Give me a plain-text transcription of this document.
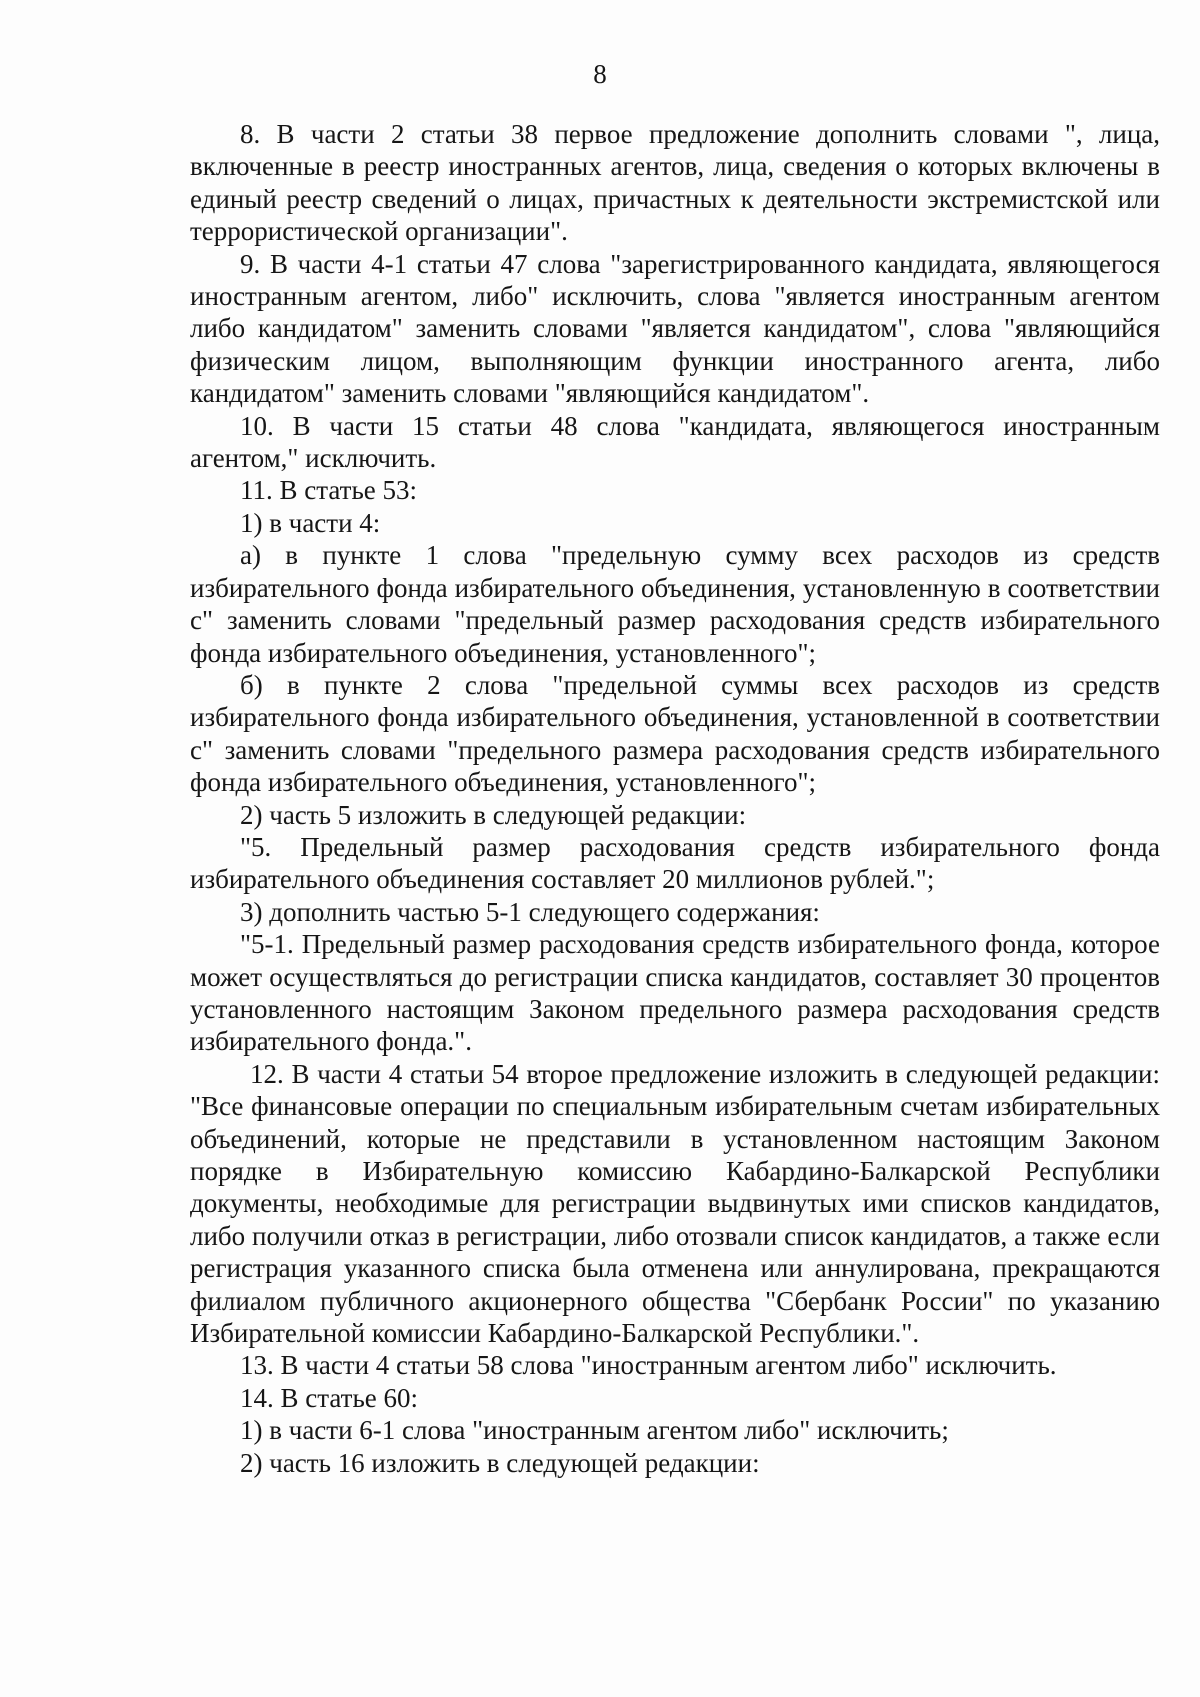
8

8. В части 2 статьи 38 первое предложение дополнить словами ", лица, включенные в реестр иностранных агентов, лица, сведения о которых включены в единый реестр сведений о лицах, причастных к деятельности экстремистской или террористической организации".

9. В части 4-1 статьи 47 слова "зарегистрированного кандидата, являющегося иностранным агентом, либо" исключить, слова "является иностранным агентом либо кандидатом" заменить словами "является кандидатом", слова "являющийся физическим лицом, выполняющим функции иностранного агента, либо кандидатом" заменить словами "являющийся кандидатом".

10. В части 15 статьи 48 слова "кандидата, являющегося иностранным агентом," исключить.

11. В статье 53:

1) в части 4:

а) в пункте 1 слова "предельную сумму всех расходов из средств избирательного фонда избирательного объединения, установленную в соответствии с" заменить словами "предельный размер расходования средств избирательного фонда избирательного объединения, установленного";

б) в пункте 2 слова "предельной суммы всех расходов из средств избирательного фонда избирательного объединения, установленной в соответствии с" заменить словами "предельного размера расходования средств избирательного фонда избирательного объединения, установленного";

2) часть 5 изложить в следующей редакции:

"5. Предельный размер расходования средств избирательного фонда избирательного объединения составляет 20 миллионов рублей.";

3) дополнить частью 5-1 следующего содержания:

"5-1. Предельный размер расходования средств избирательного фонда, которое может осуществляться до регистрации списка кандидатов, составляет 30 процентов установленного настоящим Законом предельного размера расходования средств избирательного фонда.".

12. В части 4 статьи 54 второе предложение изложить в следующей редакции: "Все финансовые операции по специальным избирательным счетам избирательных объединений, которые не представили в установленном настоящим Законом порядке в Избирательную комиссию Кабардино-Балкарской Республики документы, необходимые для регистрации выдвинутых ими списков кандидатов, либо получили отказ в регистрации, либо отозвали список кандидатов, а также если регистрация указанного списка была отменена или аннулирована, прекращаются филиалом публичного акционерного общества "Сбербанк России" по указанию Избирательной комиссии Кабардино-Балкарской Республики.".

13. В части 4 статьи 58 слова "иностранным агентом либо" исключить.

14. В статье 60:

1) в части 6-1 слова "иностранным агентом либо" исключить;

2) часть 16 изложить в следующей редакции:
